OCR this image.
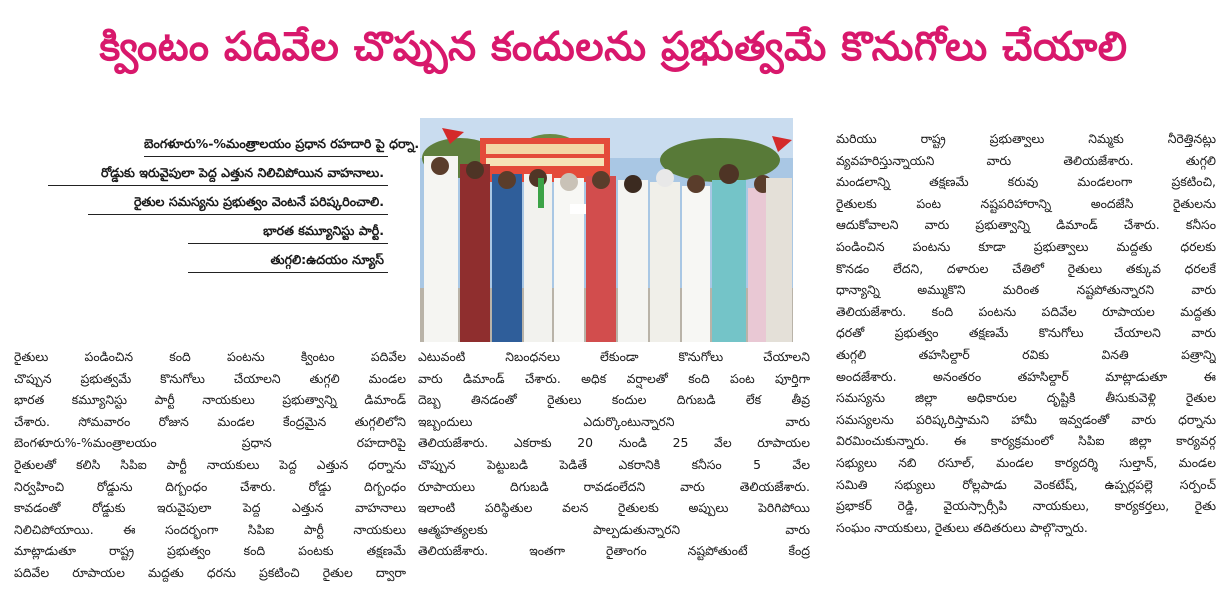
క్వింటం పదివేల చొప్పున కందులను ప్రభుత్వమే కొనుగోలు చేయాలి
బెంగళూరు%-%మంత్రాలయం ప్రధాన రహదారి పై ధర్నా.
రోడ్డుకు ఇరువైపులా పెద్ద ఎత్తున నిలిచిపోయిన వాహనాలు.
రైతుల సమస్యను ప్రభుత్వం వెంటనే పరిష్కరించాలి.
భారత కమ్యూనిస్టు పార్టీ.
తుగ్గలి:ఉదయం న్యూస్

రైతులు పండించిన కంది పంటను క్వింటం పదివేల

చొప్పున ప్రభుత్వమే కొనుగోలు చేయాలని తుగ్గలి మండల

భారత కమ్యూనిస్టు పార్టీ నాయకులు ప్రభుత్వాన్ని డిమాండ్

చేశారు. సోమవారం రోజున మండల కేంద్రమైన తుగ్గలిలోని

బెంగళూరు%-%మంత్రాలయం ప్రధాన రహదారిపై

రైతులతో కలిసి సిపిఐ పార్టీ నాయకులు పెద్ద ఎత్తున ధర్నాను

నిర్వహించి రోడ్డును దిగ్బంధం చేశారు. రోడ్డు దిగ్బంధం

కావడంతో రోడ్డుకు ఇరువైపులా పెద్ద ఎత్తున వాహనాలు

నిలిచిపోయాయి. ఈ సందర్భంగా సిపిఐ పార్టీ నాయకులు

మాట్లాడుతూ రాష్ట్ర ప్రభుత్వం కంది పంటకు తక్షణమే

పదివేల రూపాయల మద్దతు ధరను ప్రకటించి రైతుల ద్వారా

ఎటువంటి నిబంధనలు లేకుండా కొనుగోలు చేయాలని

వారు డిమాండ్ చేశారు. అధిక వర్షాలతో కంది పంట పూర్తిగా

దెబ్బ తినడంతో రైతులు కందుల దిగుబడి లేక తీవ్ర

ఇబ్బందులు ఎదుర్కొంటున్నారని వారు

తెలియజేశారు. ఎకరాకు 20 నుండి 25 వేల రూపాయల

చొప్పున పెట్టుబడి పెడితే ఎకరానికి కనీసం 5 వేల

రూపాయలు దిగుబడి రావడంలేదని వారు తెలియజేశారు.

ఇలాంటి పరిస్థితుల వలన రైతులకు అప్పులు పెరిగిపోయి

ఆత్మహత్యలకు పాల్పడుతున్నారని వారు

తెలియజేశారు. ఇంతగా రైతాంగం నష్టపోతుంటే కేంద్ర

మరియు రాష్ట్ర ప్రభుత్వాలు నిమ్మకు నీరెత్తినట్లు

వ్యవహరిస్తున్నాయని వారు తెలియజేశారు. తుగ్గలి

మండలాన్ని తక్షణమే కరువు మండలంగా ప్రకటించి,

రైతులకు పంట నష్టపరిహారాన్ని అందజేసి రైతులను

ఆదుకోవాలని వారు ప్రభుత్వాన్ని డిమాండ్ చేశారు. కనీసం

పండించిన పంటను కూడా ప్రభుత్వాలు మద్దతు ధరలకు

కొనడం లేదని, దళారుల చేతిలో రైతులు తక్కువ ధరలకే

ధాన్యాన్ని అమ్ముకొని మరింత నష్టపోతున్నారని వారు

తెలియజేశారు. కంది పంటను పదివేల రూపాయల మద్దతు

ధరతో ప్రభుత్వం తక్షణమే కొనుగోలు చేయాలని వారు

తుగ్గలి తహసిల్దార్ రవికు వినతి పత్రాన్ని

అందజేశారు. అనంతరం తహసిల్దార్ మాట్లాడుతూ ఈ

సమస్యను జిల్లా అధికారుల దృష్టికి తీసుకువెళ్లి రైతుల

సమస్యలను పరిష్కరిస్తామని హామీ ఇవ్వడంతో వారు ధర్నాను

విరమించుకున్నారు. ఈ కార్యక్రమంలో సిపిఐ జిల్లా కార్యవర్గ

సభ్యులు నబి రసూల్, మండల కార్యదర్శి సుల్తాన్, మండల

సమితి సభ్యులు రోల్లపాడు వెంకటేష్, ఉప్పర్లపల్లె సర్పంచ్

ప్రభాకర్ రెడ్డి, వైయస్సార్సీపి నాయకులు, కార్యకర్తలు, రైతు

సంఘం నాయకులు, రైతులు తదితరులు పాల్గొన్నారు.
